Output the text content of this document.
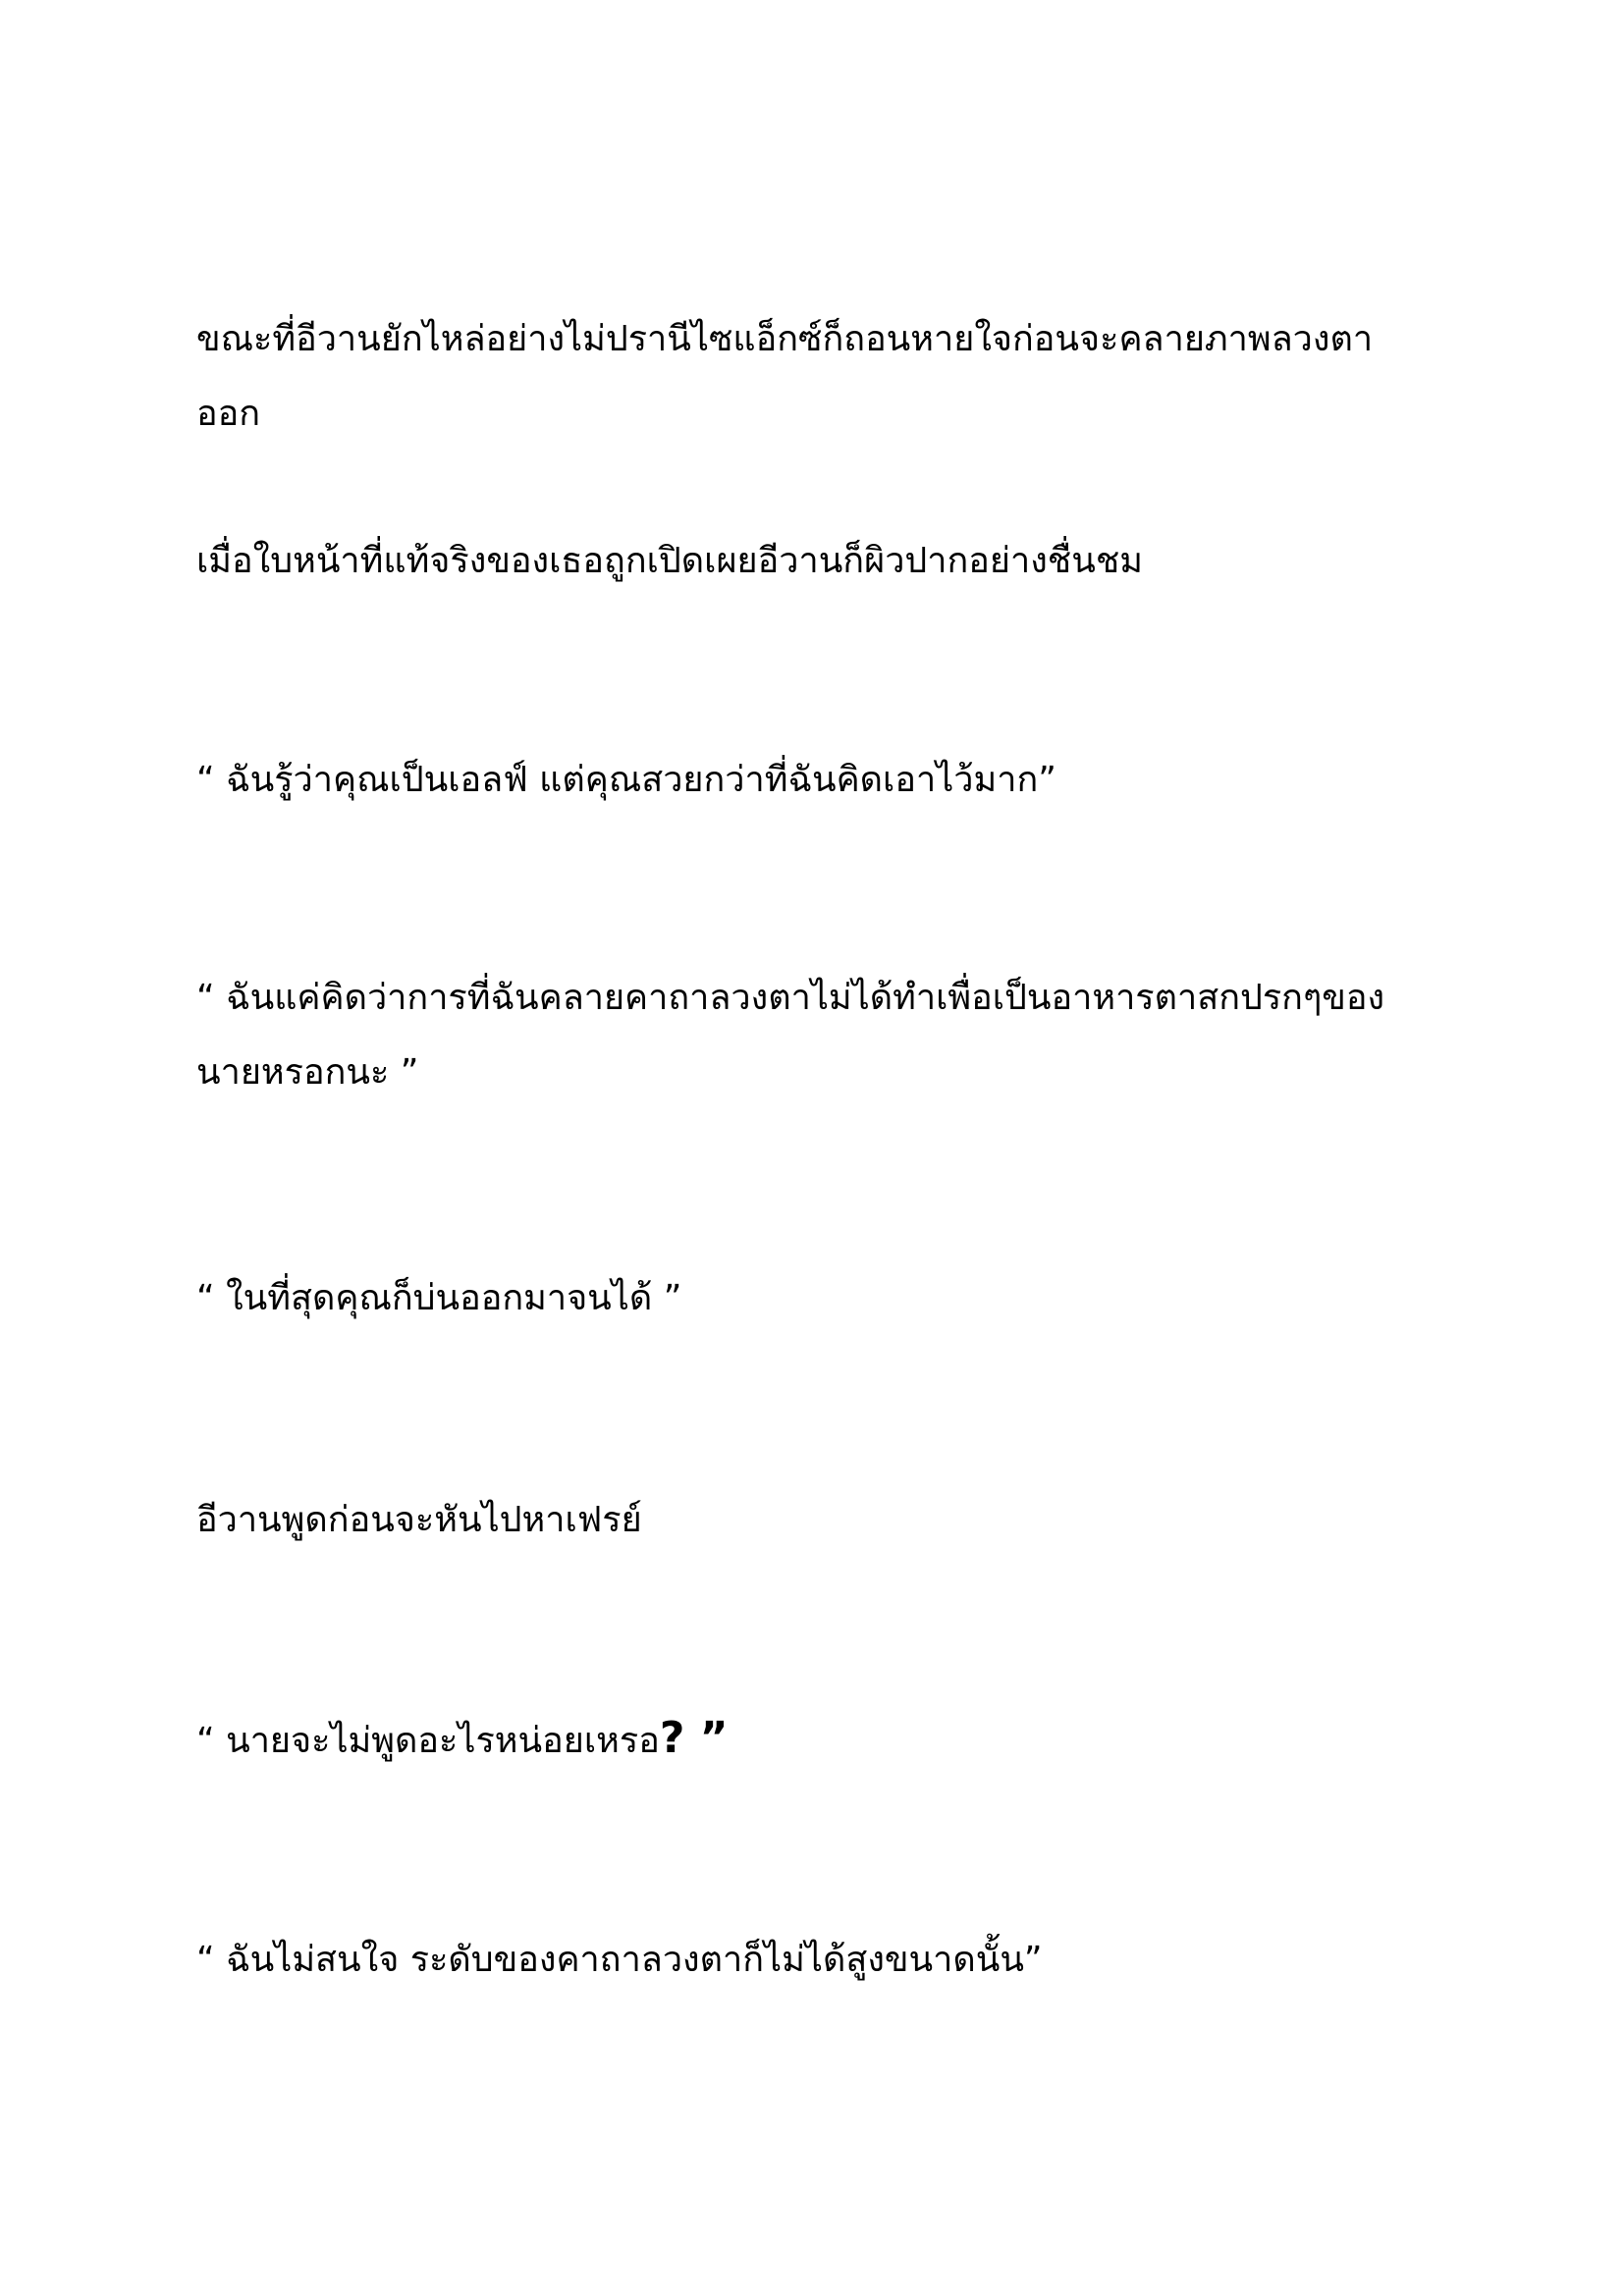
ขณะที่อีวานยักไหล่อย่างไม่ปรานีไซแอ็กซ์ก็ถอนหายใจก่อนจะคลายภาพลวงตาออก

เมื่อใบหน้าที่แท้จริงของเธอถูกเปิดเผยอีวานก็ผิวปากอย่างชื่นชม

“ ฉันรู้ว่าคุณเป็นเอลฟ์ แต่คุณสวยกว่าที่ฉันคิดเอาไว้มาก”

“ ฉันแค่คิดว่าการที่ฉันคลายคาถาลวงตาไม่ได้ทำเพื่อเป็นอาหารตาสกปรกๆของนายหรอกนะ ”

“ ในที่สุดคุณก็บ่นออกมาจนได้ ”

อีวานพูดก่อนจะหันไปหาเฟรย์

“ นายจะไม่พูดอะไรหน่อยเหรอ? ”

“ ฉันไม่สนใจ ระดับของคาถาลวงตาก็ไม่ได้สูงขนาดนั้น”
